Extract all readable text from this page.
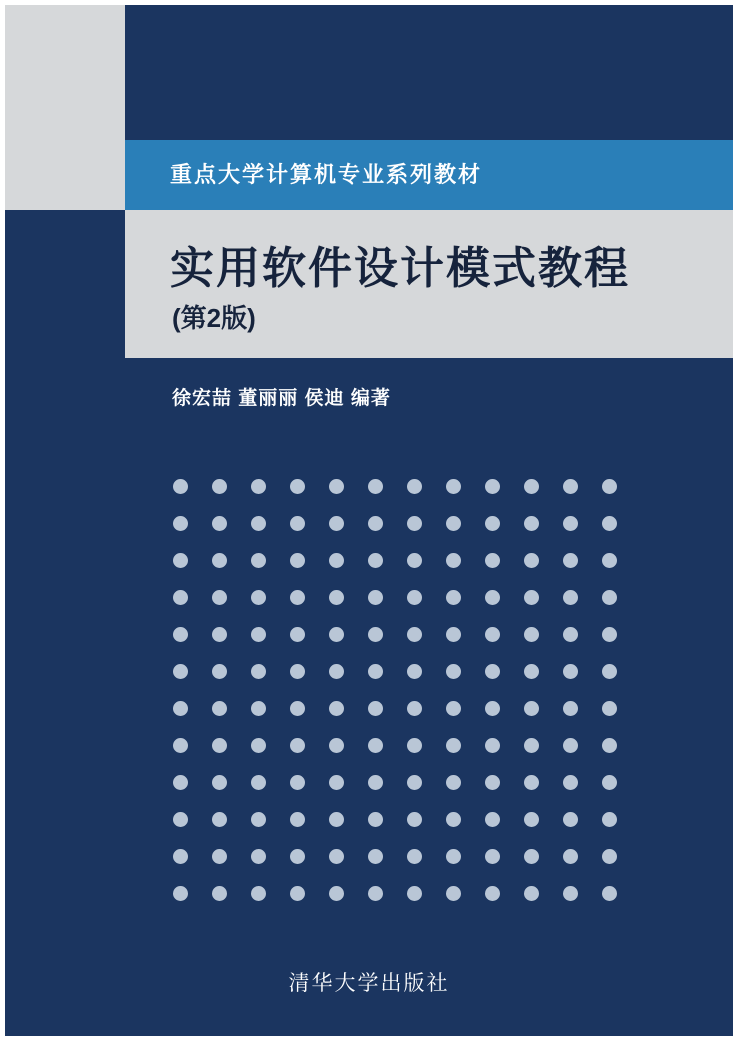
重点大学计算机专业系列教材
实用软件设计模式教程
(第2版)
徐宏喆 董丽丽 侯迪 编著
清华大学出版社
